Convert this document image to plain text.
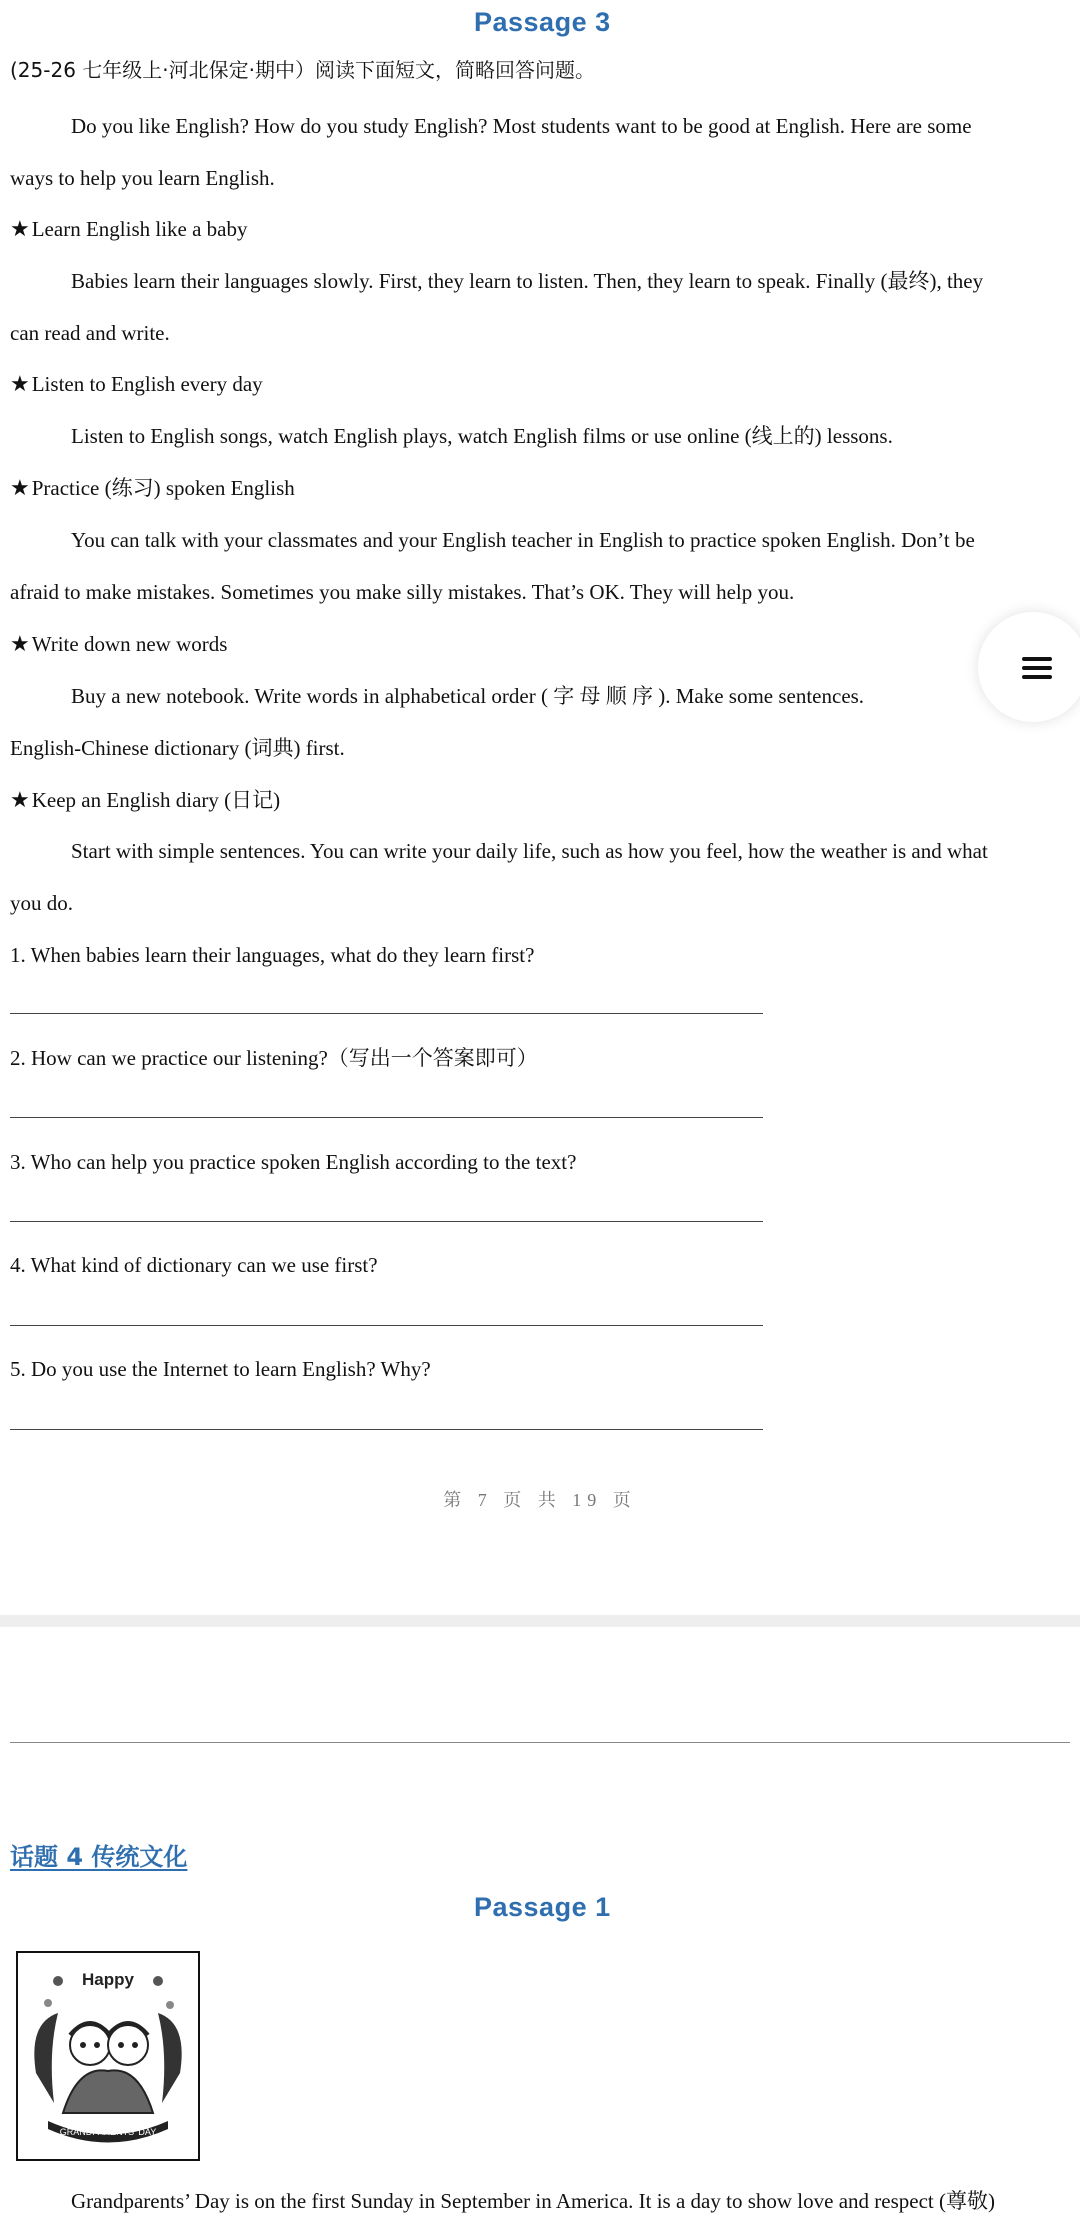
Passage 3
(25-26 七年级上·河北保定·期中）阅读下面短文，简略回答问题。
Do you like English? How do you study English? Most students want to be good at English. Here are some
ways to help you learn English.
★Learn English like a baby
Babies learn their languages slowly. First, they learn to listen. Then, they learn to speak. Finally (最终), they
can read and write.
★Listen to English every day
Listen to English songs, watch English plays, watch English films or use online (线上的) lessons.
★Practice (练习) spoken English
You can talk with your classmates and your English teacher in English to practice spoken English. Don’t be
afraid to make mistakes. Sometimes you make silly mistakes. That’s OK. They will help you.
★Write down new words
Buy a new notebook. Write words in alphabetical order ( 字 母 顺 序 ). Make some sentences.
English-Chinese dictionary (词典) first.
★Keep an English diary (日记)
Start with simple sentences. You can write your daily life, such as how you feel, how the weather is and what
you do.
1. When babies learn their languages, what do they learn first?
2. How can we practice our listening?（写出一个答案即可）
3. Who can help you practice spoken English according to the text?
4. What kind of dictionary can we use first?
5. Do you use the Internet to learn English? Why?
第 7 页 共 19 页
话题 4 传统文化
Passage 1
Happy
GRANDPARENTS' DAY
Grandparents’ Day is on the first Sunday in September in America. It is a day to show love and respect (尊敬)
